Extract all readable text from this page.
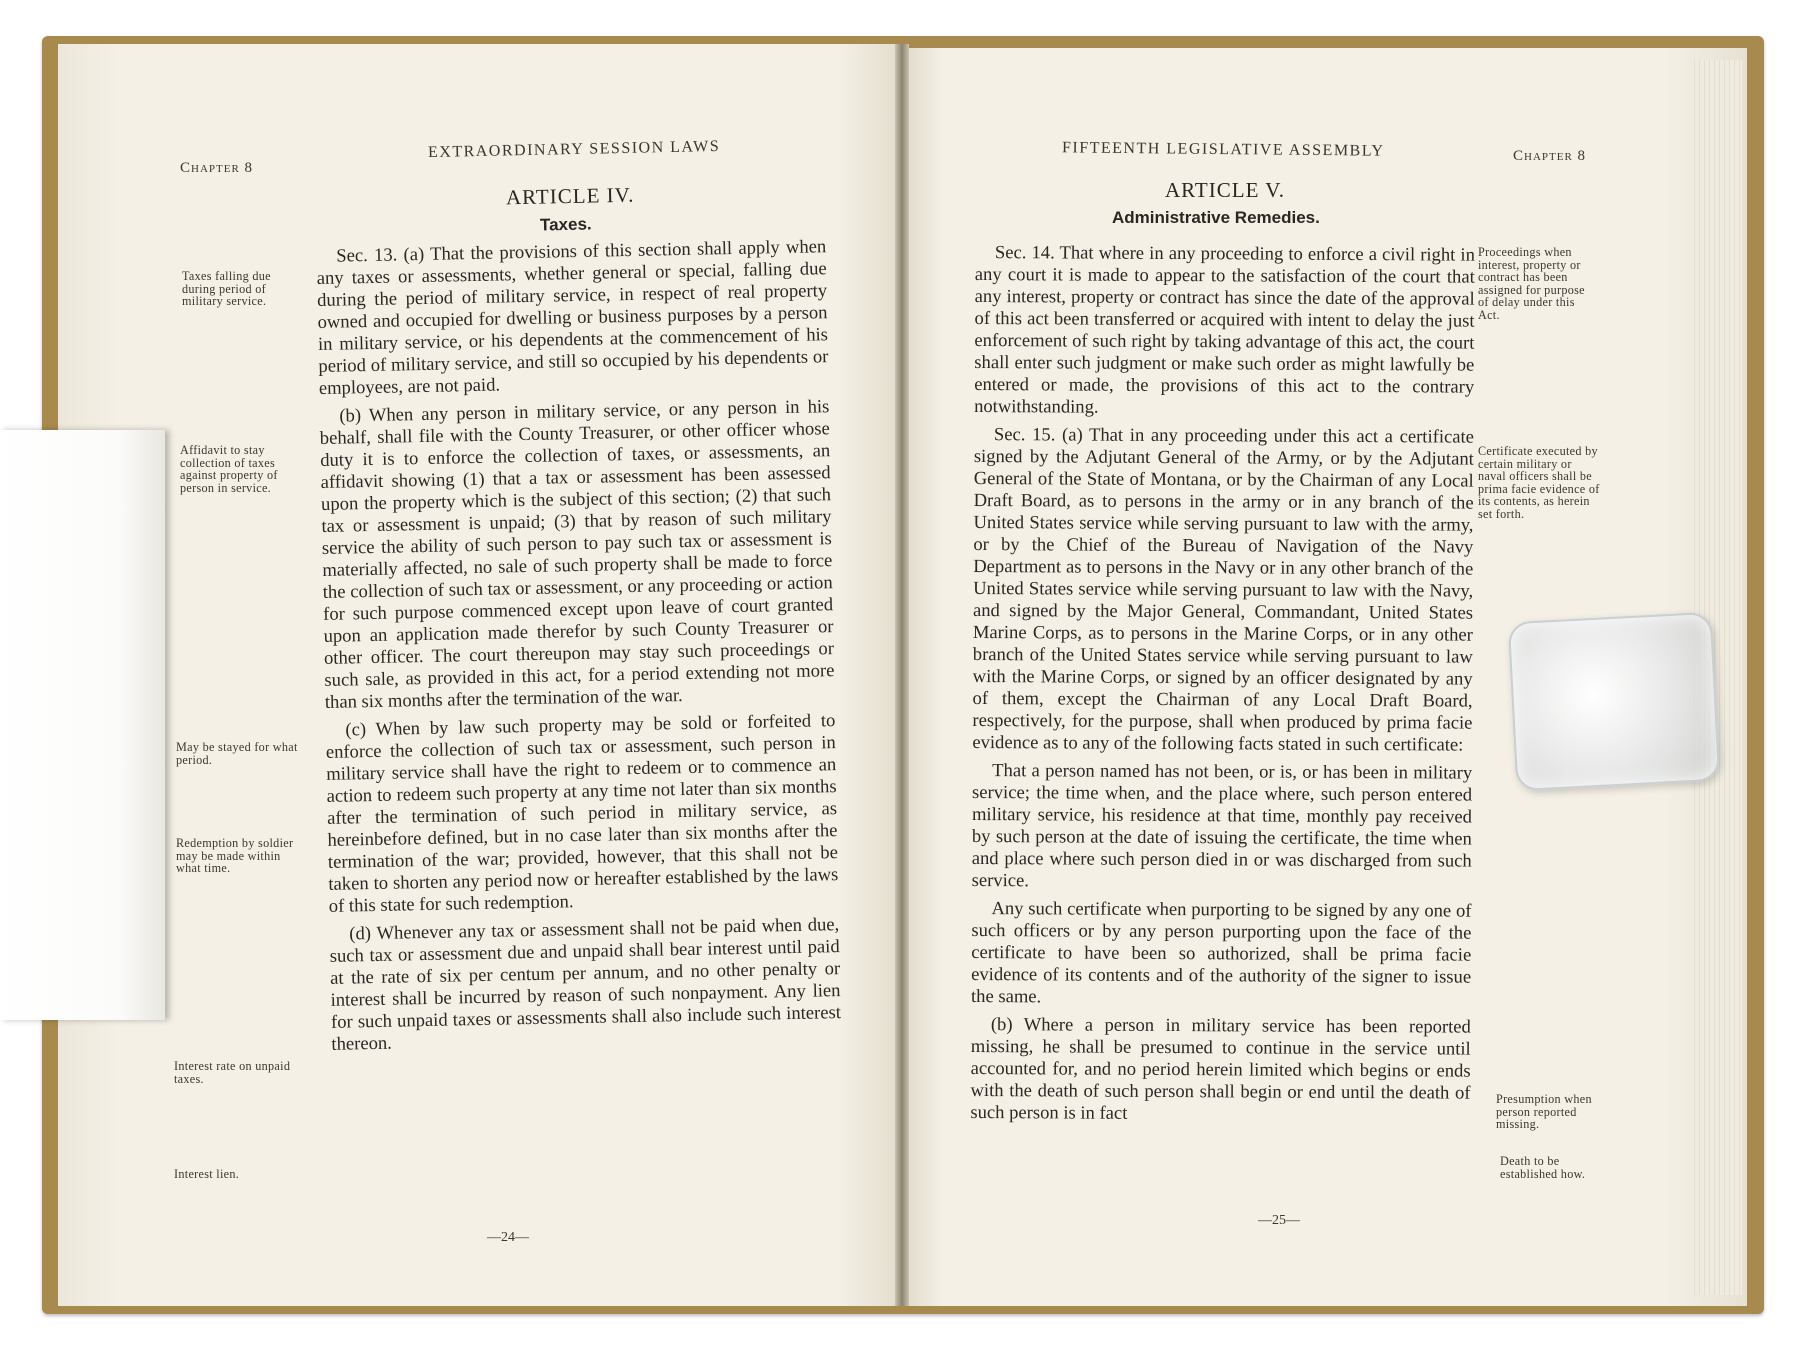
Chapter 8
EXTRAORDINARY SESSION LAWS
ARTICLE IV.
Taxes.

Sec. 13. (a) That the provisions of this section shall apply when any taxes or assessments, whether general or special, falling due during the period of military service, in respect of real property owned and occupied for dwelling or business purposes by a person in military service, or his dependents at the commencement of his period of military service, and still so occupied by his dependents or employees, are not paid.

(b) When any person in military service, or any person in his behalf, shall file with the County Treasurer, or other officer whose duty it is to enforce the collection of taxes, or assessments, an affidavit showing (1) that a tax or assessment has been assessed upon the property which is the subject of this section; (2) that such tax or assessment is unpaid; (3) that by reason of such military service the ability of such person to pay such tax or assessment is materially affected, no sale of such property shall be made to force the collection of such tax or assessment, or any proceeding or action for such purpose commenced except upon leave of court granted upon an application made therefor by such County Treasurer or other officer. The court thereupon may stay such proceedings or such sale, as provided in this act, for a period extending not more than six months after the termination of the war.

(c) When by law such property may be sold or forfeited to enforce the collection of such tax or assessment, such person in military service shall have the right to redeem or to commence an action to redeem such property at any time not later than six months after the termination of such period in military service, as hereinbefore defined, but in no case later than six months after the termination of the war; provided, however, that this shall not be taken to shorten any period now or hereafter established by the laws of this state for such redemption.

(d) Whenever any tax or assessment shall not be paid when due, such tax or assessment due and unpaid shall bear interest until paid at the rate of six per centum per annum, and no other penalty or interest shall be incurred by reason of such nonpayment. Any lien for such unpaid taxes or assessments shall also include such interest thereon.

Taxes falling due during period of military service.
Affidavit to stay collection of taxes against property of person in service.
May be stayed for what period.
Redemption by soldier may be made within what time.
Interest rate on unpaid taxes.
Interest lien.
—24—
FIFTEENTH LEGISLATIVE ASSEMBLY	Chapter 8
ARTICLE V.
Administrative Remedies.

Sec. 14. That where in any proceeding to enforce a civil right in any court it is made to appear to the satisfaction of the court that any interest, property or contract has since the date of the approval of this act been transferred or acquired with intent to delay the just enforcement of such right by taking advantage of this act, the court shall enter such judgment or make such order as might lawfully be entered or made, the provisions of this act to the contrary notwithstanding.

Sec. 15. (a) That in any proceeding under this act a certificate signed by the Adjutant General of the Army, or by the Adjutant General of the State of Montana, or by the Chairman of any Local Draft Board, as to persons in the army or in any branch of the United States service while serving pursuant to law with the army, or by the Chief of the Bureau of Navigation of the Navy Department as to persons in the Navy or in any other branch of the United States service while serving pursuant to law with the Navy, and signed by the Major General, Commandant, United States Marine Corps, as to persons in the Marine Corps, or in any other branch of the United States service while serving pursuant to law with the Marine Corps, or signed by an officer designated by any of them, except the Chairman of any Local Draft Board, respectively, for the purpose, shall when produced by prima facie evidence as to any of the following facts stated in such certificate:

That a person named has not been, or is, or has been in military service; the time when, and the place where, such person entered military service, his residence at that time, monthly pay received by such person at the date of issuing the certificate, the time when and place where such person died in or was discharged from such service.

Any such certificate when purporting to be signed by any one of such officers or by any person purporting upon the face of the certificate to have been so authorized, shall be prima facie evidence of its contents and of the authority of the signer to issue the same.

(b) Where a person in military service has been reported missing, he shall be presumed to continue in the service until accounted for, and no period herein limited which begins or ends with the death of such person shall begin or end until the death of such person is in fact

Proceedings when interest, property or contract has been assigned for purpose of delay under this Act.
Certificate executed by certain military or naval officers shall be prima facie evidence of its contents, as herein set forth.
Presumption when person reported missing.
Death to be established how.
—25—
